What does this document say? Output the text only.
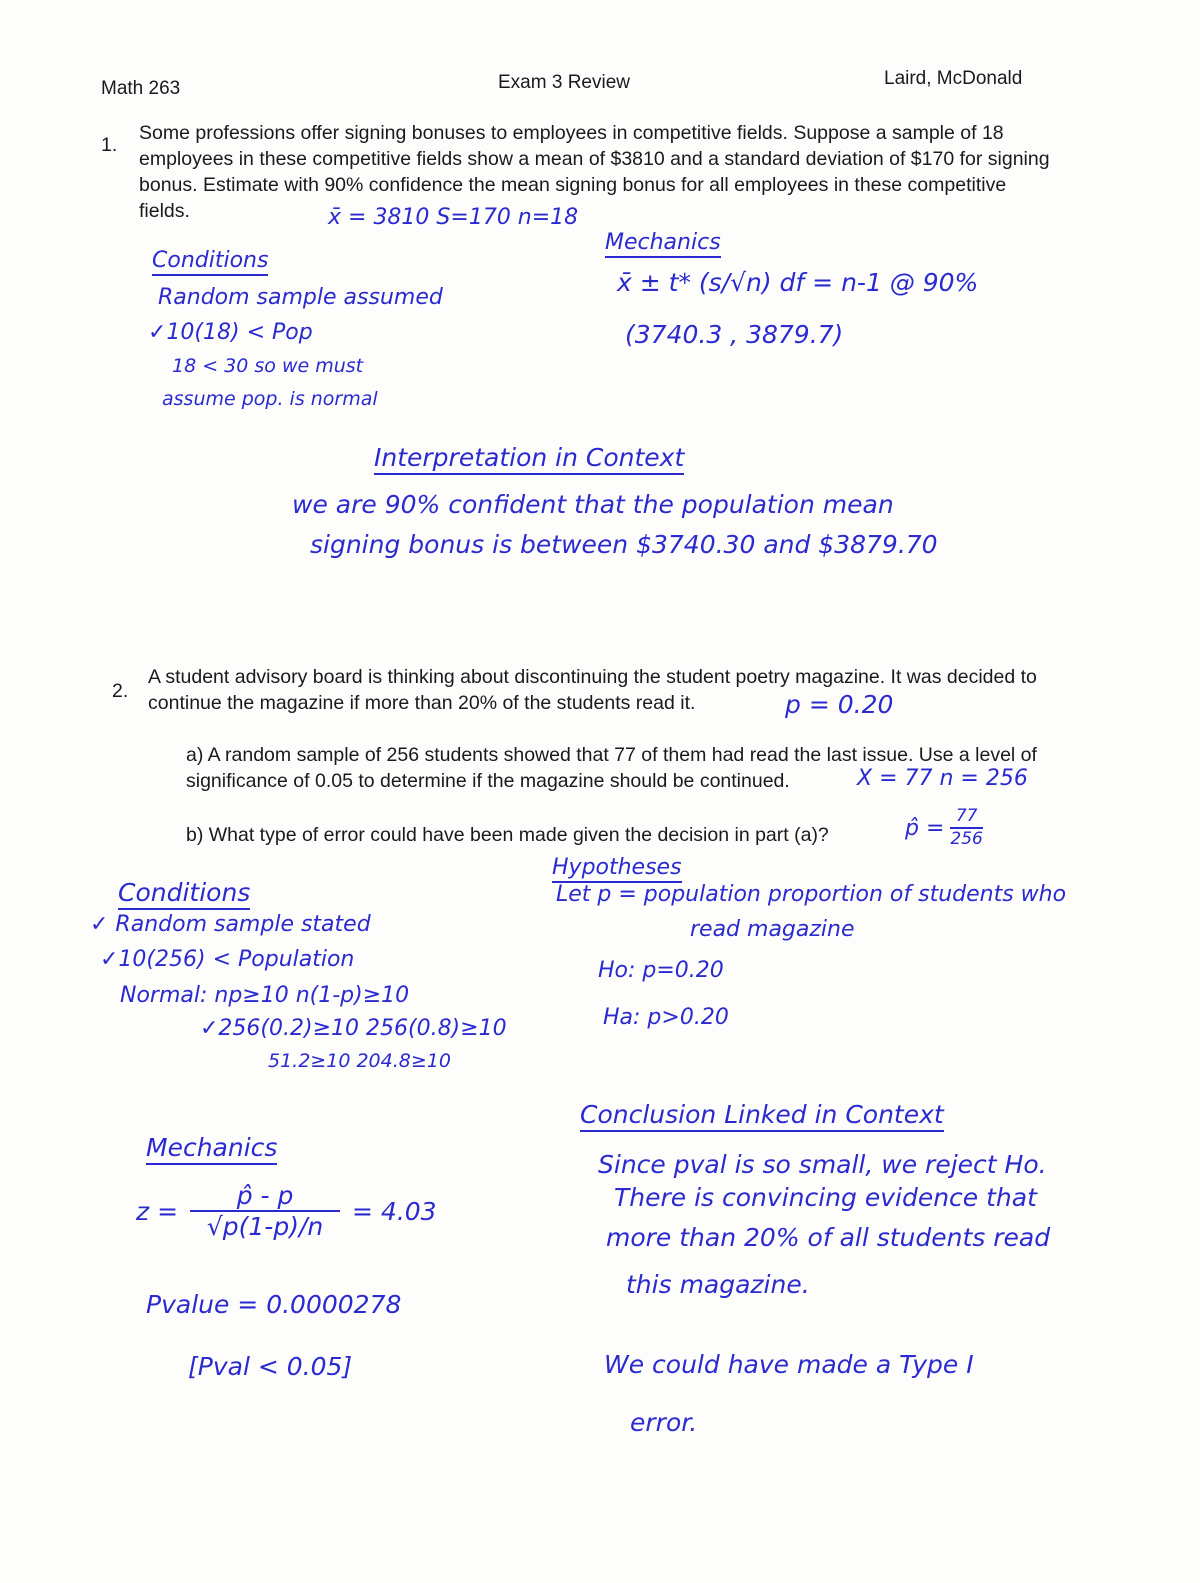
Math 263	Exam 3 Review	Laird, McDonald
1.
Some professions offer signing bonuses to employees in competitive fields. Suppose a sample of 18 employees in these competitive fields show a mean of $3810 and a standard deviation of $170 for signing bonus. Estimate with 90% confidence the mean signing bonus for all employees in these competitive fields.	x̄ = 3810 S=170 n=18
Conditions
Random sample assumed
✓10(18) < Pop
18 < 30 so we must
assume pop. is normal
Mechanics
x̄ ± t* (s/√n) df = n-1 @ 90%
(3740.3 , 3879.7)
Interpretation in Context
we are 90% confident that the population mean
signing bonus is between $3740.30 and $3879.70
2.
A student advisory board is thinking about discontinuing the student poetry magazine. It was decided to continue the magazine if more than 20% of the students read it.	p = 0.20
a) A random sample of 256 students showed that 77 of them had read the last issue. Use a level of significance of 0.05 to determine if the magazine should be continued.	X = 77 n = 256
b) What type of error could have been made given the decision in part (a)?	p̂ = $\frac{77}{256}$
Conditions
✓ Random sample stated
✓10(256) < Population
Normal: np≥10 n(1-p)≥10
✓256(0.2)≥10 256(0.8)≥10
51.2≥10 204.8≥10
Hypotheses
Let p = population proportion of students who
read magazine
Ho: p=0.20
Ha: p>0.20
Mechanics
$z = \frac{p̂ - p}{√p(1-p)/n} = 4.03$
Pvalue = 0.0000278
[Pval < 0.05]
Conclusion Linked in Context
Since pval is so small, we reject Ho.
There is convincing evidence that
more than 20% of all students read
this magazine.
We could have made a Type I
error.
